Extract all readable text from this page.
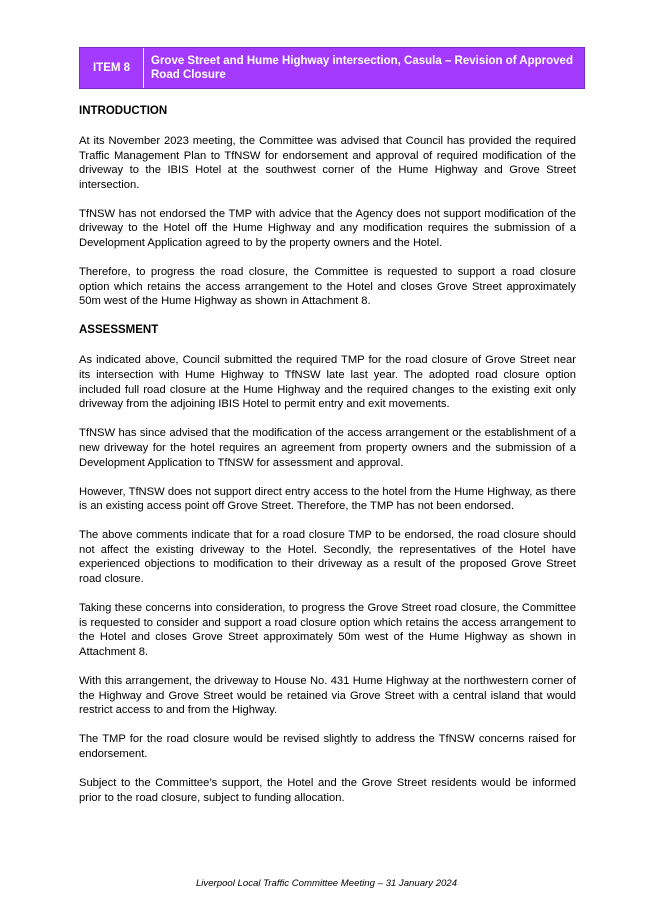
ITEM 8
Grove Street and Hume Highway intersection, Casula – Revision of Approved Road Closure
INTRODUCTION

At its November 2023 meeting, the Committee was advised that Council has provided the required Traffic Management Plan to TfNSW for endorsement and approval of required modification of the driveway to the IBIS Hotel at the southwest corner of the Hume Highway and Grove Street intersection.

TfNSW has not endorsed the TMP with advice that the Agency does not support modification of the driveway to the Hotel off the Hume Highway and any modification requires the submission of a Development Application agreed to by the property owners and the Hotel.

Therefore, to progress the road closure, the Committee is requested to support a road closure option which retains the access arrangement to the Hotel and closes Grove Street approximately 50m west of the Hume Highway as shown in Attachment 8.

ASSESSMENT

As indicated above, Council submitted the required TMP for the road closure of Grove Street near its intersection with Hume Highway to TfNSW late last year. The adopted road closure option included full road closure at the Hume Highway and the required changes to the existing exit only driveway from the adjoining IBIS Hotel to permit entry and exit movements.

TfNSW has since advised that the modification of the access arrangement or the establishment of a new driveway for the hotel requires an agreement from property owners and the submission of a Development Application to TfNSW for assessment and approval.

However, TfNSW does not support direct entry access to the hotel from the Hume Highway, as there is an existing access point off Grove Street. Therefore, the TMP has not been endorsed.

The above comments indicate that for a road closure TMP to be endorsed, the road closure should not affect the existing driveway to the Hotel. Secondly, the representatives of the Hotel have experienced objections to modification to their driveway as a result of the proposed Grove Street road closure.

Taking these concerns into consideration, to progress the Grove Street road closure, the Committee is requested to consider and support a road closure option which retains the access arrangement to the Hotel and closes Grove Street approximately 50m west of the Hume Highway as shown in Attachment 8.

With this arrangement, the driveway to House No. 431 Hume Highway at the northwestern corner of the Highway and Grove Street would be retained via Grove Street with a central island that would restrict access to and from the Highway.

The TMP for the road closure would be revised slightly to address the TfNSW concerns raised for endorsement.

Subject to the Committee’s support, the Hotel and the Grove Street residents would be informed prior to the road closure, subject to funding allocation.

Liverpool Local Traffic Committee Meeting – 31 January 2024
